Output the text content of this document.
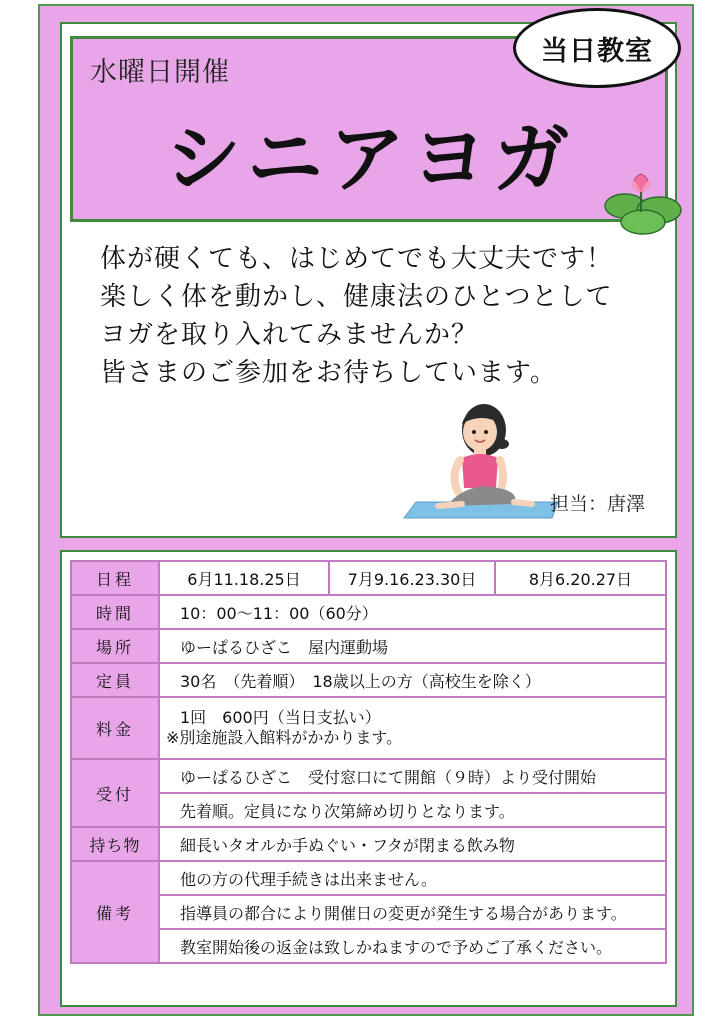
水曜日開催
シニアヨガ
当日教室
体が硬くても、はじめてでも大丈夫です！
楽しく体を動かし、健康法のひとつとして
ヨガを取り入れてみませんか？
皆さまのご参加をお待ちしています。
担当：唐澤
日程	6月11.18.25日	7月9.16.23.30日	8月6.20.27日
時間	10：00～11：00（60分）		
場所	ゆーぱるひざこ　屋内運動場		
定員	30名　（先着順）　18歳以上の方（高校生を除く）		
料金	1回　600円（当日支払い）
※別途施設入館料がかかります。		

受付	ゆーぱるひざこ　受付窓口にて開館（９時）より受付開始		
	先着順。定員になり次第締め切りとなります。		
持ち物	細長いタオルか手ぬぐい・フタが閉まる飲み物		
備考	他の方の代理手続きは出来ません。		
	指導員の都合により開催日の変更が発生する場合があります。		
	教室開始後の返金は致しかねますので予めご了承ください。		
